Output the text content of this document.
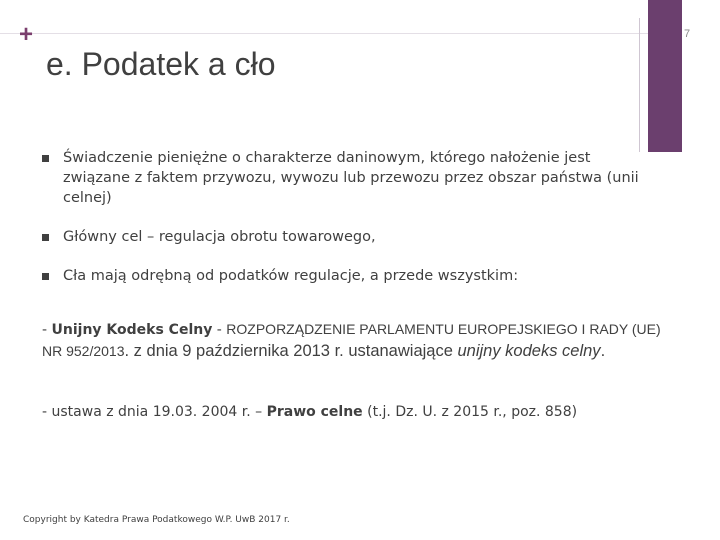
+	7
e. Podatek a cło
Świadczenie pieniężne o charakterze daninowym, którego nałożenie jest związane z faktem przywozu, wywozu lub przewozu przez obszar państwa (unii celnej)
Główny cel – regulacja obrotu towarowego,
Cła mają odrębną od podatków regulacje, a przede wszystkim:

- Unijny Kodeks Celny - ROZPORZĄDZENIE PARLAMENTU EUROPEJSKIEGO I RADY (UE) NR 952/2013. z dnia 9 października 2013 r. ustanawiające unijny kodeks celny.

- ustawa z dnia 19.03. 2004 r. – Prawo celne (t.j. Dz. U. z 2015 r., poz. 858)

Copyright by Katedra Prawa Podatkowego W.P. UwB 2017 r.
